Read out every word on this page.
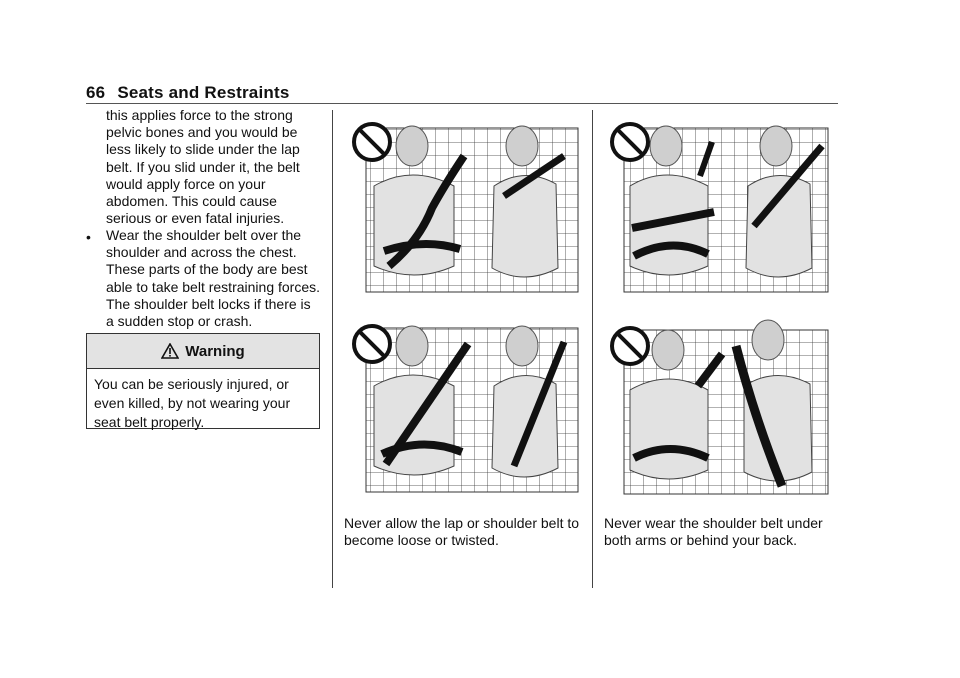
66 Seats and Restraints

this applies force to the strong pelvic bones and you would be less likely to slide under the lap belt. If you slid under it, the belt would apply force on your abdomen. This could cause serious or even fatal injuries.

• Wear the shoulder belt over the shoulder and across the chest. These parts of the body are best able to take belt restraining forces. The shoulder belt locks if there is a sudden stop or crash.

Warning
You can be seriously injured, or even killed, by not wearing your seat belt properly.
Never allow the lap or shoulder belt to become loose or twisted.
Never wear the shoulder belt under both arms or behind your back.
